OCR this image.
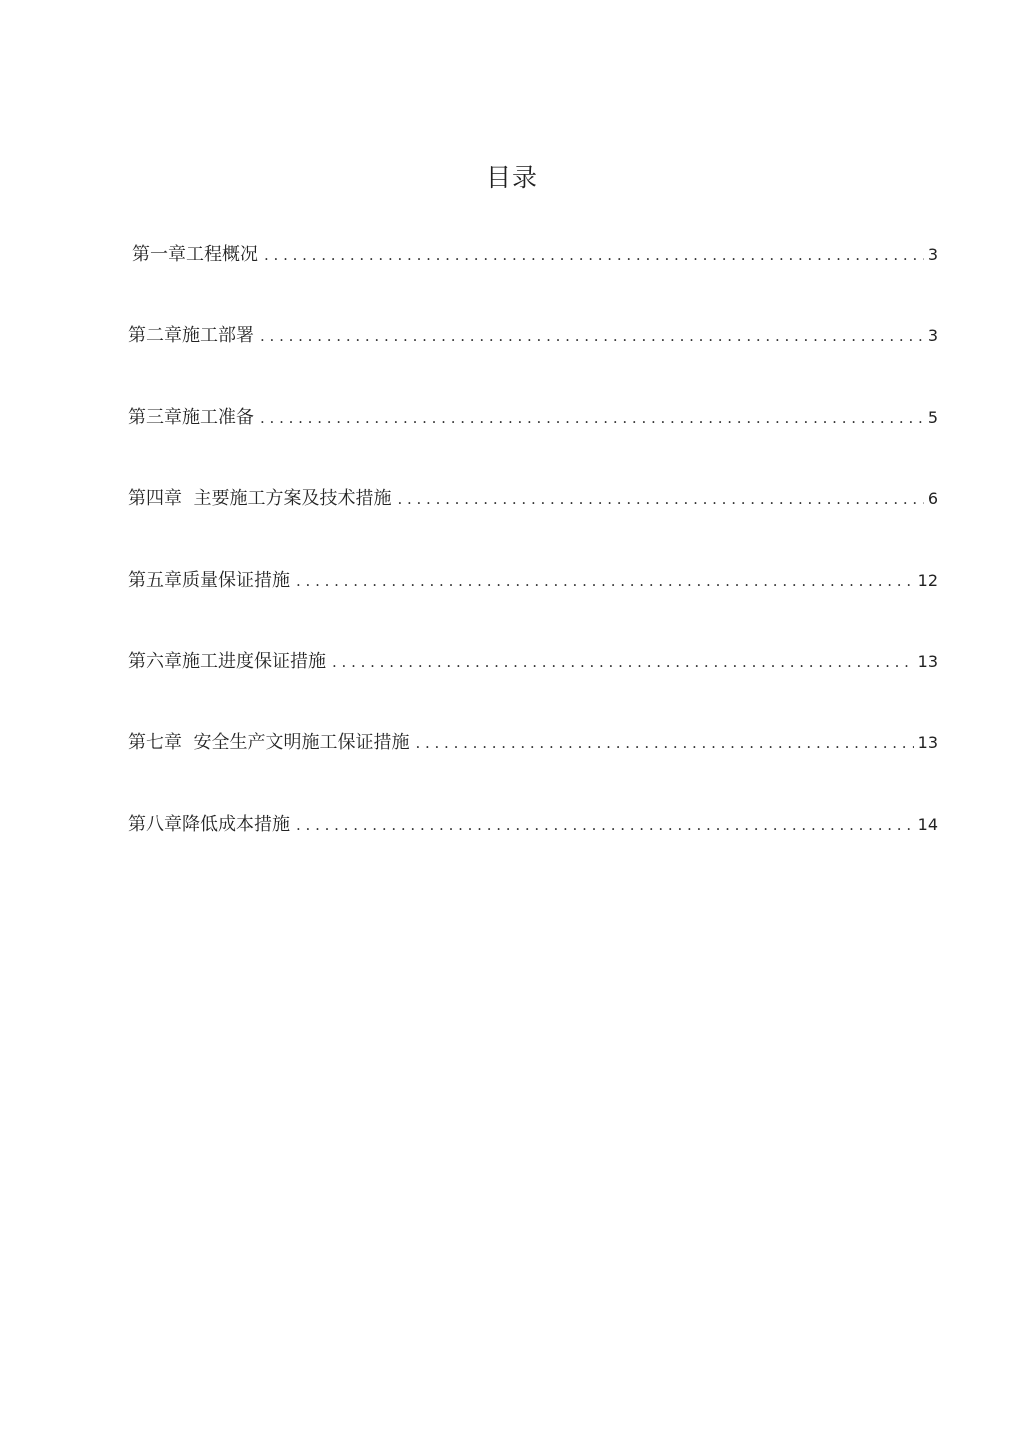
目录
第一章工程概况 . . .	3
第二章施工部署 . . .	3
第三章施工准备 . . .	5
第四章  主要施工方案及技术措施 . . .	6
第五章质量保证措施 . . .	12
第六章施工进度保证措施 . . .	13
第七章  安全生产文明施工保证措施 . . .	13
第八章降低成本措施 . . .	14
